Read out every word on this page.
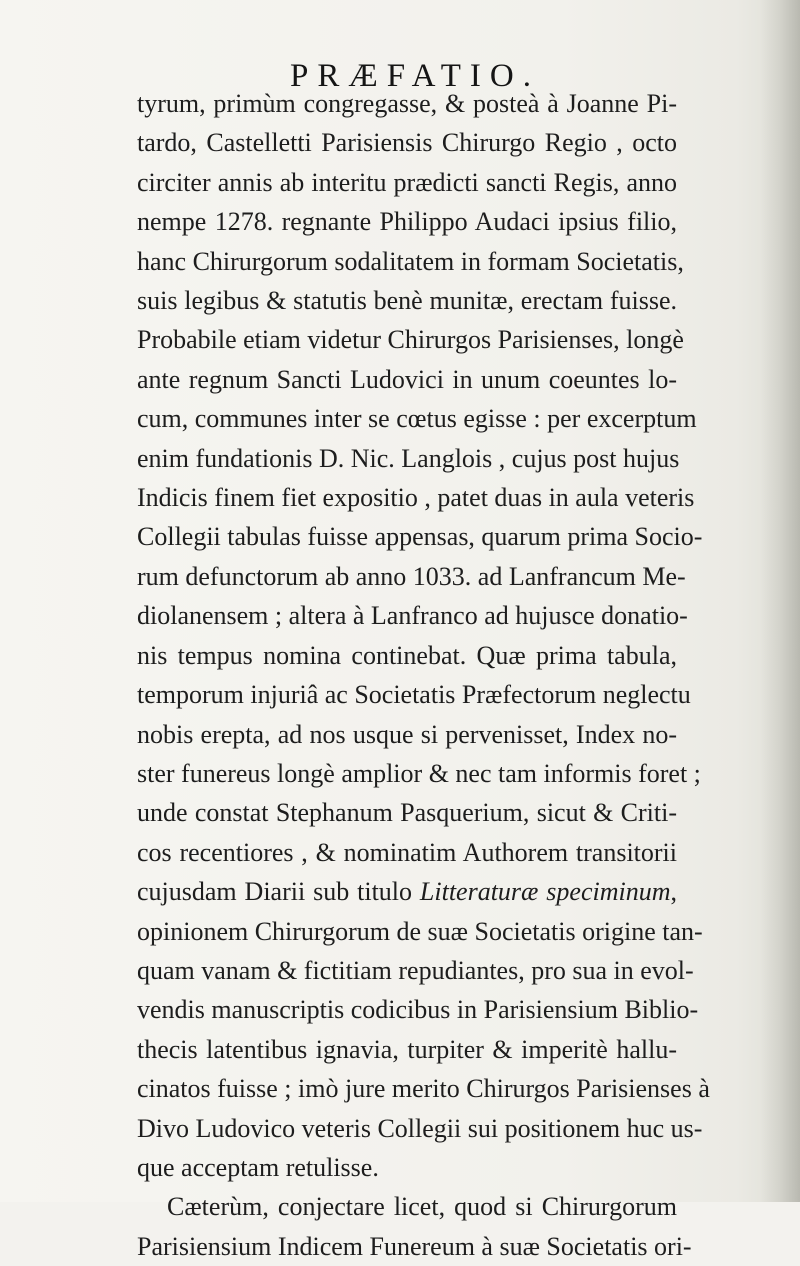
PRÆFATIO.
tyrum, primùm congregasse, & posteà à Joanne Pi-
tardo, Castelletti Parisiensis Chirurgo Regio , octo
circiter annis ab interitu prædicti sancti Regis, anno
nempe 1278. regnante Philippo Audaci ipsius filio,
hanc Chirurgorum sodalitatem in formam Societatis,
suis legibus & statutis benè munitæ, erectam fuisse.
Probabile etiam videtur Chirurgos Parisienses, longè
ante regnum Sancti Ludovici in unum coeuntes lo-
cum, communes inter se cœtus egisse : per excerptum
enim fundationis D. Nic. Langlois , cujus post hujus
Indicis finem fiet expositio , patet duas in aula veteris
Collegii tabulas fuisse appensas, quarum prima Socio-
rum defunctorum ab anno 1033. ad Lanfrancum Me-
diolanensem ; altera à Lanfranco ad hujusce donatio-
nis tempus nomina continebat. Quæ prima tabula,
temporum injuriâ ac Societatis Præfectorum neglectu
nobis erepta, ad nos usque si pervenisset, Index no-
ster funereus longè amplior & nec tam informis foret ;
unde constat Stephanum Pasquerium, sicut & Criti-
cos recentiores , & nominatim Authorem transitorii
cujusdam Diarii sub titulo Litteraturæ speciminum,
opinionem Chirurgorum de suæ Societatis origine tan-
quam vanam & fictitiam repudiantes, pro sua in evol-
vendis manuscriptis codicibus in Parisiensium Biblio-
thecis latentibus ignavia, turpiter & imperitè hallu-
cinatos fuisse ; imò jure merito Chirurgos Parisienses à
Divo Ludovico veteris Collegii sui positionem huc us-
que acceptam retulisse.
Cæterùm, conjectare licet, quod si Chirurgorum
Parisiensium Indicem Funereum à suæ Societatis ori-
